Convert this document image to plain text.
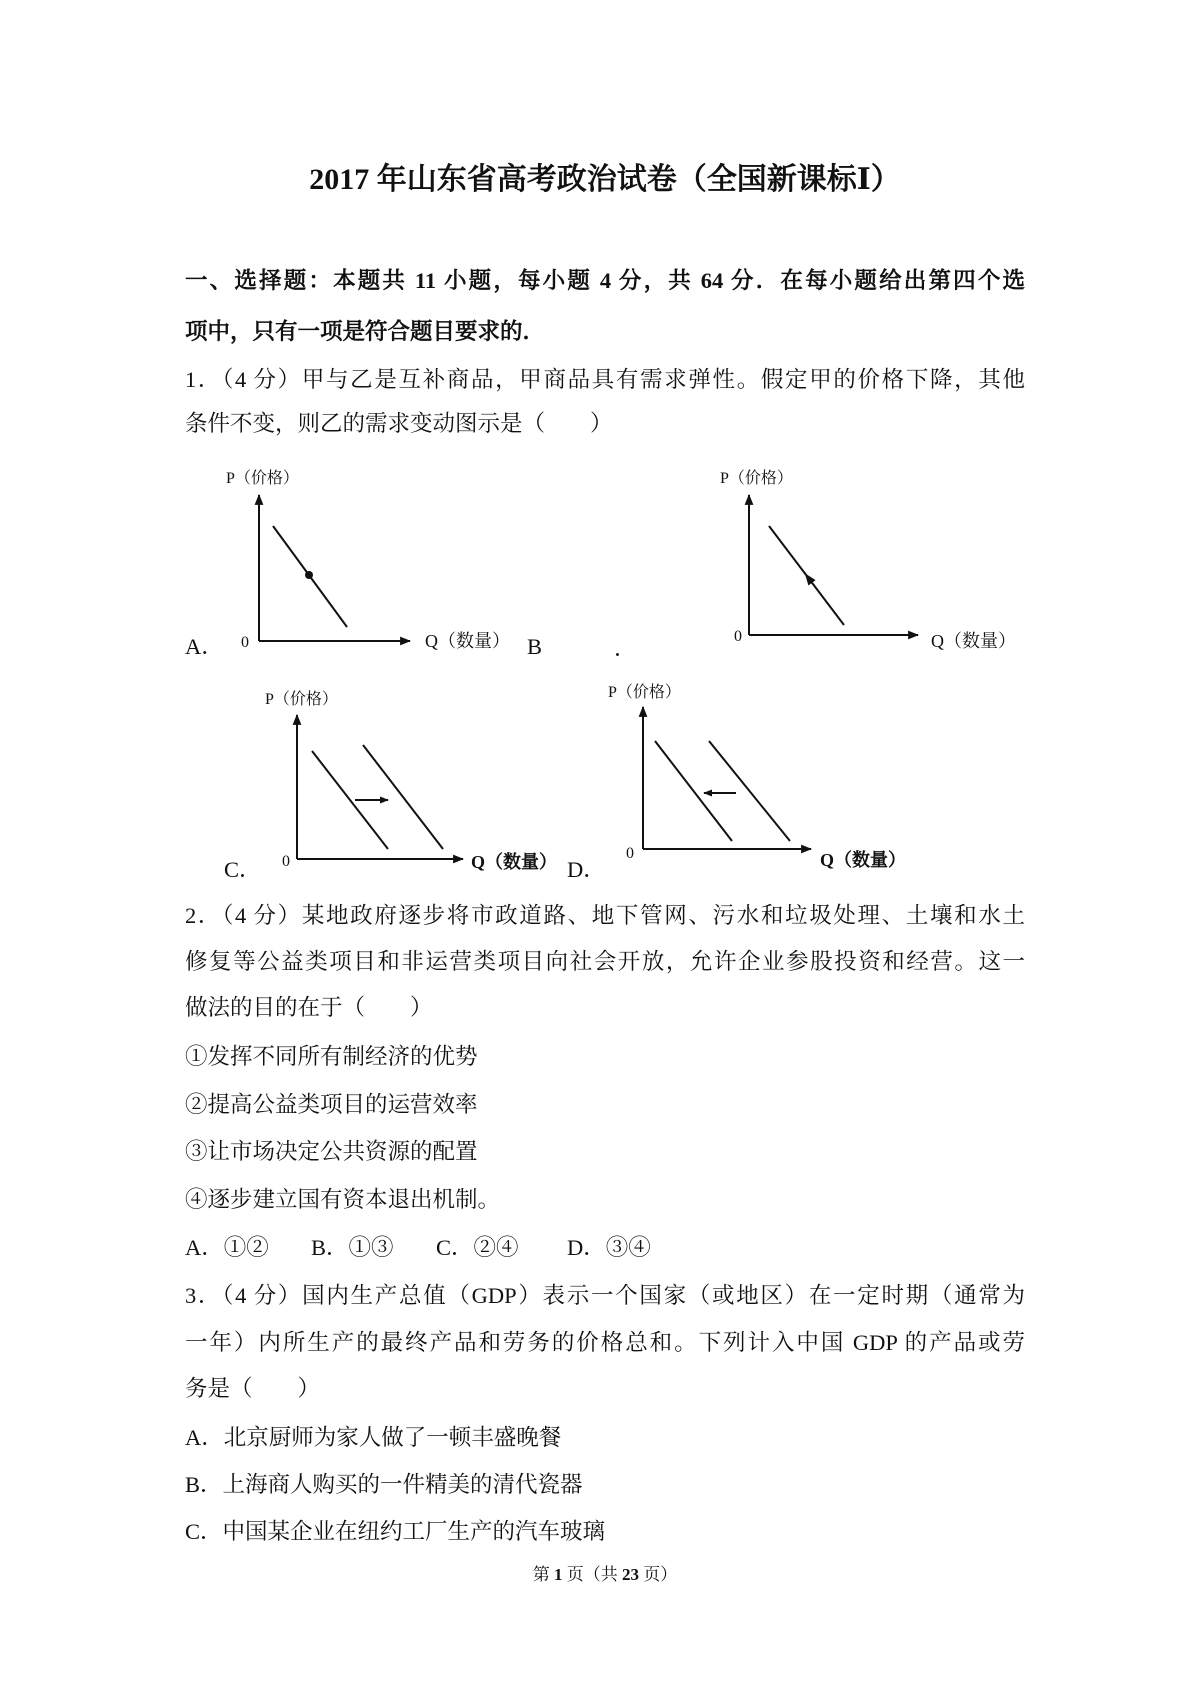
2017 年山东省高考政治试卷（全国新课标Ⅰ）
一、选择题：本题共 11 小题，每小题 4 分，共 64 分．在每小题给出第四个选
项中，只有一项是符合题目要求的．
1．（4 分）甲与乙是互补商品，甲商品具有需求弹性。假定甲的价格下降，其他
条件不变，则乙的需求变动图示是（　　）
A．	B	．
C．	D．
P（价格）
0	Q（数量）
P（价格）
0	Q（数量）
P（价格）
0	Q（数量）
P（价格）
0	Q（数量）
2．（4 分）某地政府逐步将市政道路、地下管网、污水和垃圾处理、土壤和水土
修复等公益类项目和非运营类项目向社会开放，允许企业参股投资和经营。这一
做法的目的在于（　　）
①发挥不同所有制经济的优势
②提高公益类项目的运营效率
③让市场决定公共资源的配置
④逐步建立国有资本退出机制。
A．①② B．①③ C．②④ D．③④
3．（4 分）国内生产总值（GDP）表示一个国家（或地区）在一定时期（通常为
一年）内所生产的最终产品和劳务的价格总和。下列计入中国 GDP 的产品或劳
务是（　　）
A．北京厨师为家人做了一顿丰盛晚餐
B．上海商人购买的一件精美的清代瓷器
C．中国某企业在纽约工厂生产的汽车玻璃
第 1 页（共 23 页）
